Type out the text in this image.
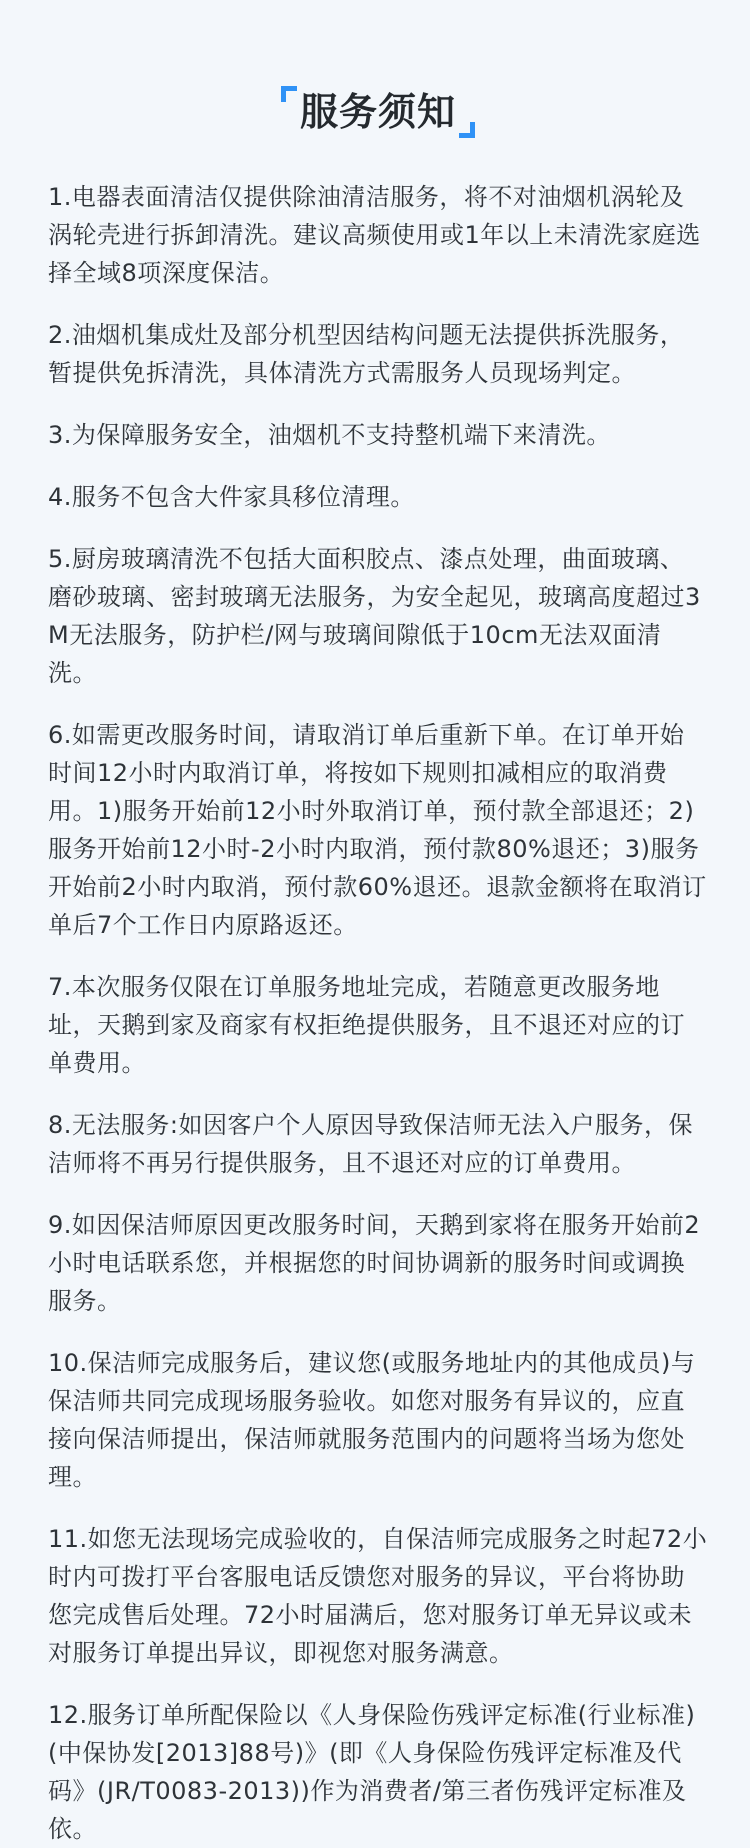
服务须知

1.电器表面清洁仅提供除油清洁服务，将不对油烟机涡轮及涡轮壳进行拆卸清洗。建议高频使用或1年以上未清洗家庭选择全域8项深度保洁。

2.油烟机集成灶及部分机型因结构问题无法提供拆洗服务，暂提供免拆清洗，具体清洗方式需服务人员现场判定。

3.为保障服务安全，油烟机不支持整机端下来清洗。

4.服务不包含大件家具移位清理。

5.厨房玻璃清洗不包括大面积胶点、漆点处理，曲面玻璃、磨砂玻璃、密封玻璃无法服务，为安全起见，玻璃高度超过3M无法服务，防护栏/网与玻璃间隙低于10cm无法双面清洗。

6.如需更改服务时间，请取消订单后重新下单。在订单开始时间12小时内取消订单，将按如下规则扣减相应的取消费用。1)服务开始前12小时外取消订单，预付款全部退还；2)服务开始前12小时-2小时内取消，预付款80%退还；3)服务开始前2小时内取消，预付款60%退还。退款金额将在取消订单后7个工作日内原路返还。

7.本次服务仅限在订单服务地址完成，若随意更改服务地址，天鹅到家及商家有权拒绝提供服务，且不退还对应的订单费用。

8.无法服务:如因客户个人原因导致保洁师无法入户服务，保洁师将不再另行提供服务，且不退还对应的订单费用。

9.如因保洁师原因更改服务时间，天鹅到家将在服务开始前2小时电话联系您，并根据您的时间协调新的服务时间或调换服务。

10.保洁师完成服务后，建议您(或服务地址内的其他成员)与保洁师共同完成现场服务验收。如您对服务有异议的，应直接向保洁师提出，保洁师就服务范围内的问题将当场为您处理。

11.如您无法现场完成验收的，自保洁师完成服务之时起72小时内可拨打平台客服电话反馈您对服务的异议，平台将协助您完成售后处理。72小时届满后，您对服务订单无异议或未对服务订单提出异议，即视您对服务满意。

12.服务订单所配保险以《人身保险伤残评定标准(行业标准)(中保协发[2013]88号)》(即《人身保险伤残评定标准及代码》(JR/T0083-2013))作为消费者/第三者伤残评定标准及依。
